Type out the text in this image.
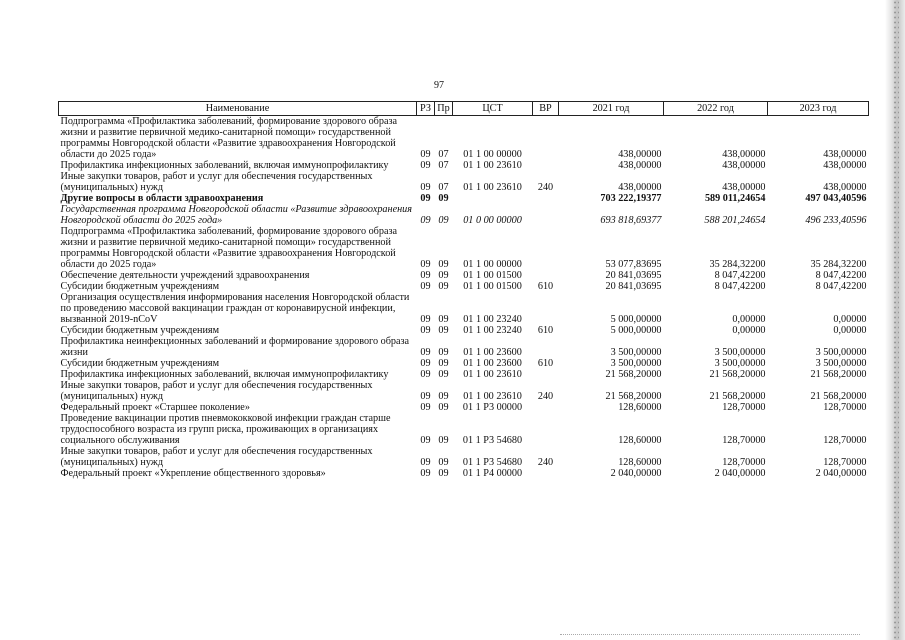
97
Наименование	РЗ	Пр	ЦСТ	ВР	2021 год	2022 год	2023 год
Подпрограмма «Профилактика заболеваний, формирование здорового образа жизни и развитие первичной медико-санитарной помощи» государственной программы Новгородской области «Развитие здравоохранения Новгородской области до 2025 года»	09	07	01 1 00 00000		438,00000	438,00000	438,00000
Профилактика инфекционных заболеваний, включая иммунопрофилактику	09	07	01 1 00 23610		438,00000	438,00000	438,00000
Иные закупки товаров, работ и услуг для обеспечения государственных (муниципальных) нужд	09	07	01 1 00 23610	240	438,00000	438,00000	438,00000
Другие вопросы в области здравоохранения	09	09			703 222,19377	589 011,24654	497 043,40596
Государственная программа Новгородской области «Развитие здравоохранения Новгородской области до 2025 года»	09	09	01 0 00 00000		693 818,69377	588 201,24654	496 233,40596
Подпрограмма «Профилактика заболеваний, формирование здорового образа жизни и развитие первичной медико-санитарной помощи» государственной программы Новгородской области «Развитие здравоохранения Новгородской области до 2025 года»	09	09	01 1 00 00000		53 077,83695	35 284,32200	35 284,32200
Обеспечение деятельности учреждений здравоохранения	09	09	01 1 00 01500		20 841,03695	8 047,42200	8 047,42200
Субсидии бюджетным учреждениям	09	09	01 1 00 01500	610	20 841,03695	8 047,42200	8 047,42200
Организация осуществления информирования населения Новгородской области по проведению массовой вакцинации граждан от коронавирусной инфекции, вызванной 2019-nCoV	09	09	01 1 00 23240		5 000,00000	0,00000	0,00000
Субсидии бюджетным учреждениям	09	09	01 1 00 23240	610	5 000,00000	0,00000	0,00000
Профилактика неинфекционных заболеваний и формирование здорового образа жизни	09	09	01 1 00 23600		3 500,00000	3 500,00000	3 500,00000
Субсидии бюджетным учреждениям	09	09	01 1 00 23600	610	3 500,00000	3 500,00000	3 500,00000
Профилактика инфекционных заболеваний, включая иммунопрофилактику	09	09	01 1 00 23610		21 568,20000	21 568,20000	21 568,20000
Иные закупки товаров, работ и услуг для обеспечения государственных (муниципальных) нужд	09	09	01 1 00 23610	240	21 568,20000	21 568,20000	21 568,20000
Федеральный проект «Старшее поколение»	09	09	01 1 P3 00000		128,60000	128,70000	128,70000
Проведение вакцинации против пневмококковой инфекции граждан старше трудоспособного возраста из групп риска, проживающих в организациях социального обслуживания	09	09	01 1 P3 54680		128,60000	128,70000	128,70000
Иные закупки товаров, работ и услуг для обеспечения государственных (муниципальных) нужд	09	09	01 1 P3 54680	240	128,60000	128,70000	128,70000
Федеральный проект «Укрепление общественного здоровья»	09	09	01 1 P4 00000		2 040,00000	2 040,00000	2 040,00000
